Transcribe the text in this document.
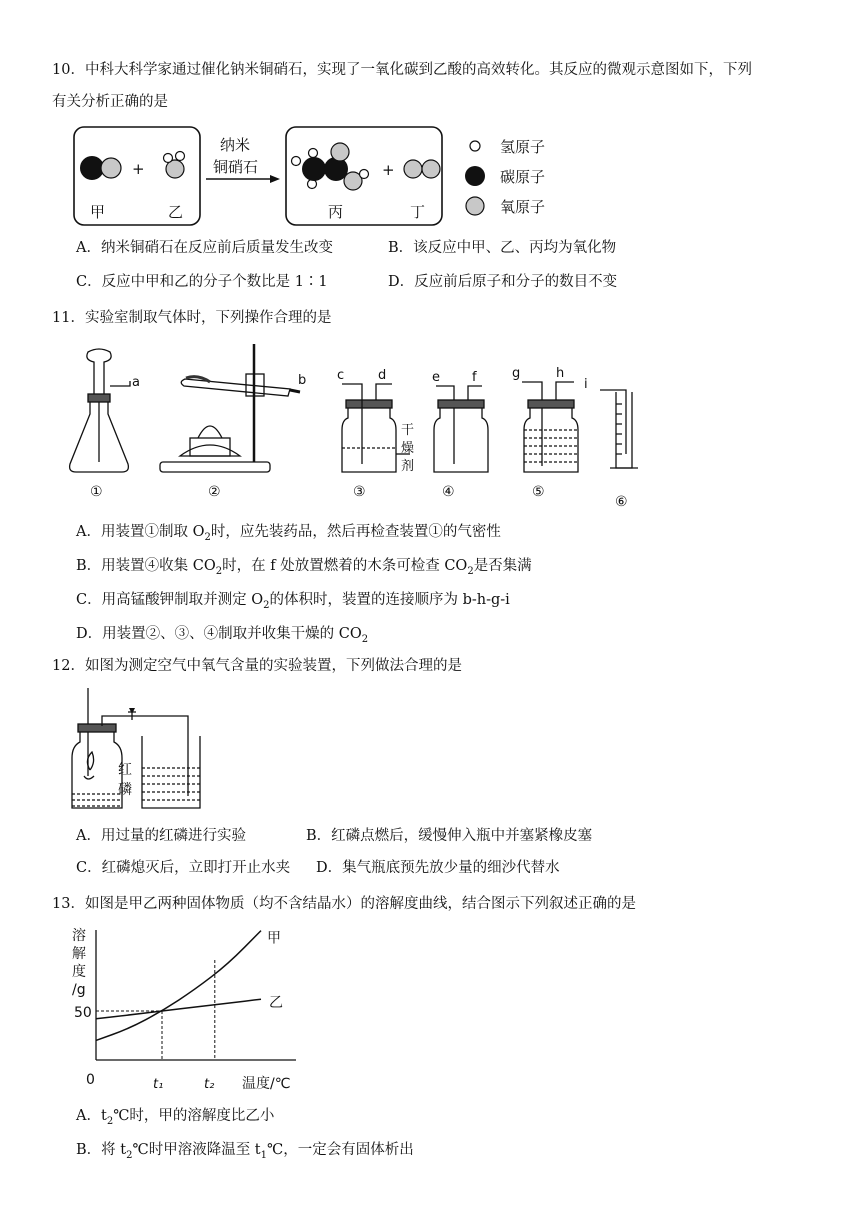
10．中科大科学家通过催化钠米铜硝石，实现了一氧化碳到乙酸的高效转化。其反应的微观示意图如下，下列
有关分析正确的是
+
甲	乙
纳米
铜硝石	+
丙	丁
氢原子
碳原子
氧原子
A．纳米铜硝石在反应前后质量发生改变	B．该反应中甲、乙、丙均为氧化物
C．反应中甲和乙的分子个数比是 1∶1	D．反应前后原子和分子的数目不变
11．实验室制取气体时，下列操作合理的是
a	b c	d	e f	g	h
i
干
燥
剂
①	②	③	④	⑤
⑥
A．用装置①制取 $O_2$时，应先装药品，然后再检查装置①的气密性
B．用装置④收集 $CO_2$时，在 f 处放置燃着的木条可检查 $CO_2$是否集满
C．用高锰酸钾制取并测定 $O_2$的体积时，装置的连接顺序为 b-h-g-i
D．用装置②、③、④制取并收集干燥的 $CO_2$
12．如图为测定空气中氧气含量的实验装置，下列做法合理的是
红
磷
A．用过量的红磷进行实验	B．红磷点燃后，缓慢伸入瓶中并塞紧橡皮塞
C．红磷熄灭后，立即打开止水夹 D．集气瓶底预先放少量的细沙代替水
13．如图是甲乙两种固体物质（均不含结晶水）的溶解度曲线，结合图示下列叙述正确的是
溶
解
度
/g
50
0	t₁	t₂ 温度/℃
甲
乙
A．$t_2℃$时，甲的溶解度比乙小
B．将 $t_2℃$时甲溶液降温至 $t_1℃$，一定会有固体析出
